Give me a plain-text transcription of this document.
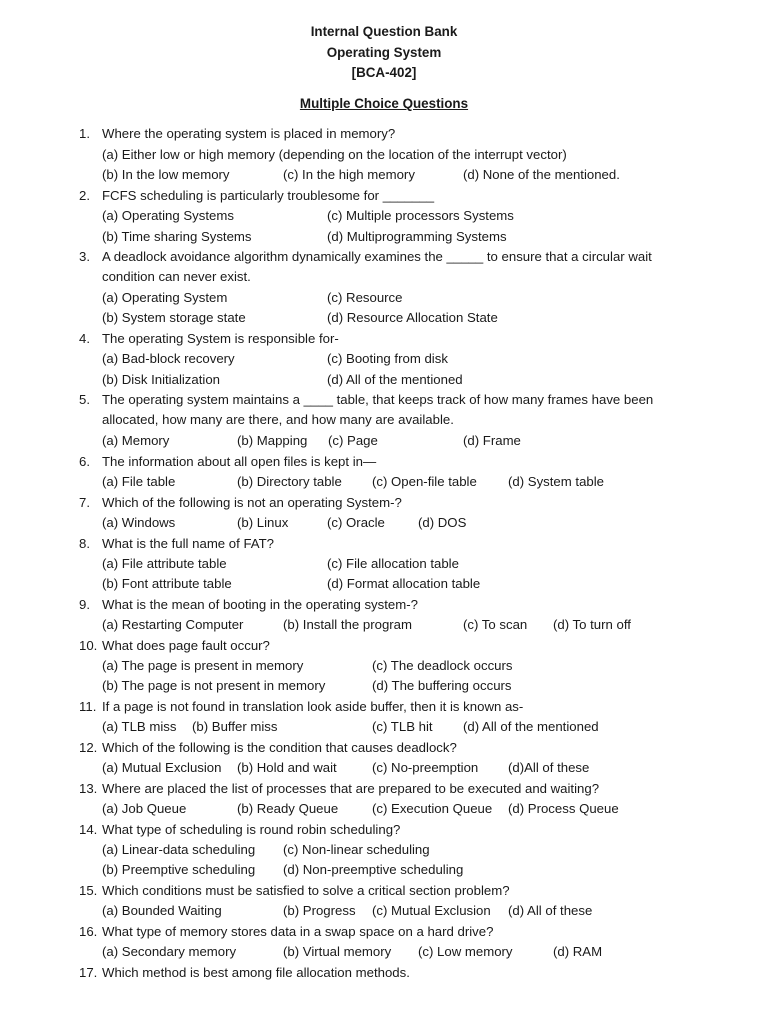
Internal Question Bank
Operating System
[BCA-402]
Multiple Choice Questions
1. Where the operating system is placed in memory?
(a) Either low or high memory (depending on the location of the interrupt vector)
(b) In the low memory	(c) In the high memory	(d) None of the mentioned.
2. FCFS scheduling is particularly troublesome for _______
(a) Operating Systems	(c) Multiple processors Systems
(b) Time sharing Systems	(d) Multiprogramming Systems
3. A deadlock avoidance algorithm dynamically examines the _____ to ensure that a circular wait
condition can never exist.
(a) Operating System	(c) Resource
(b) System storage state	(d) Resource Allocation State
4. The operating System is responsible for-
(a) Bad-block recovery	(c) Booting from disk
(b) Disk Initialization	(d) All of the mentioned
5. The operating system maintains a ____ table, that keeps track of how many frames have been
allocated, how many are there, and how many are available.
(a) Memory	(b) Mapping (c) Page	(d) Frame
6. The information about all open files is kept in—
(a) File table	(b) Directory table (c) Open-file table (d) System table
7. Which of the following is not an operating System-?
(a) Windows	(b) Linux	(c) Oracle	(d) DOS
8. What is the full name of FAT?
(a) File attribute table	(c) File allocation table
(b) Font attribute table	(d) Format allocation table
9. What is the mean of booting in the operating system-?
(a) Restarting Computer	(b) Install the program	(c) To scan (d) To turn off
10. What does page fault occur?
(a) The page is present in memory	(c) The deadlock occurs
(b) The page is not present in memory	(d) The buffering occurs
11. If a page is not found in translation look aside buffer, then it is known as-
(a) TLB miss (b) Buffer miss	(c) TLB hit (d) All of the mentioned
12. Which of the following is the condition that causes deadlock?
(a) Mutual Exclusion (b) Hold and wait	(c) No-preemption (d)All of these
13. Where are placed the list of processes that are prepared to be executed and waiting?
(a) Job Queue	(b) Ready Queue	(c) Execution Queue (d) Process Queue
14. What type of scheduling is round robin scheduling?
(a) Linear-data scheduling (c) Non-linear scheduling
(b) Preemptive scheduling (d) Non-preemptive scheduling
15. Which conditions must be satisfied to solve a critical section problem?
(a) Bounded Waiting	(b) Progress (c) Mutual Exclusion (d) All of these
16. What type of memory stores data in a swap space on a hard drive?
(a) Secondary memory	(b) Virtual memory (c) Low memory	(d) RAM
17. Which method is best among file allocation methods.
